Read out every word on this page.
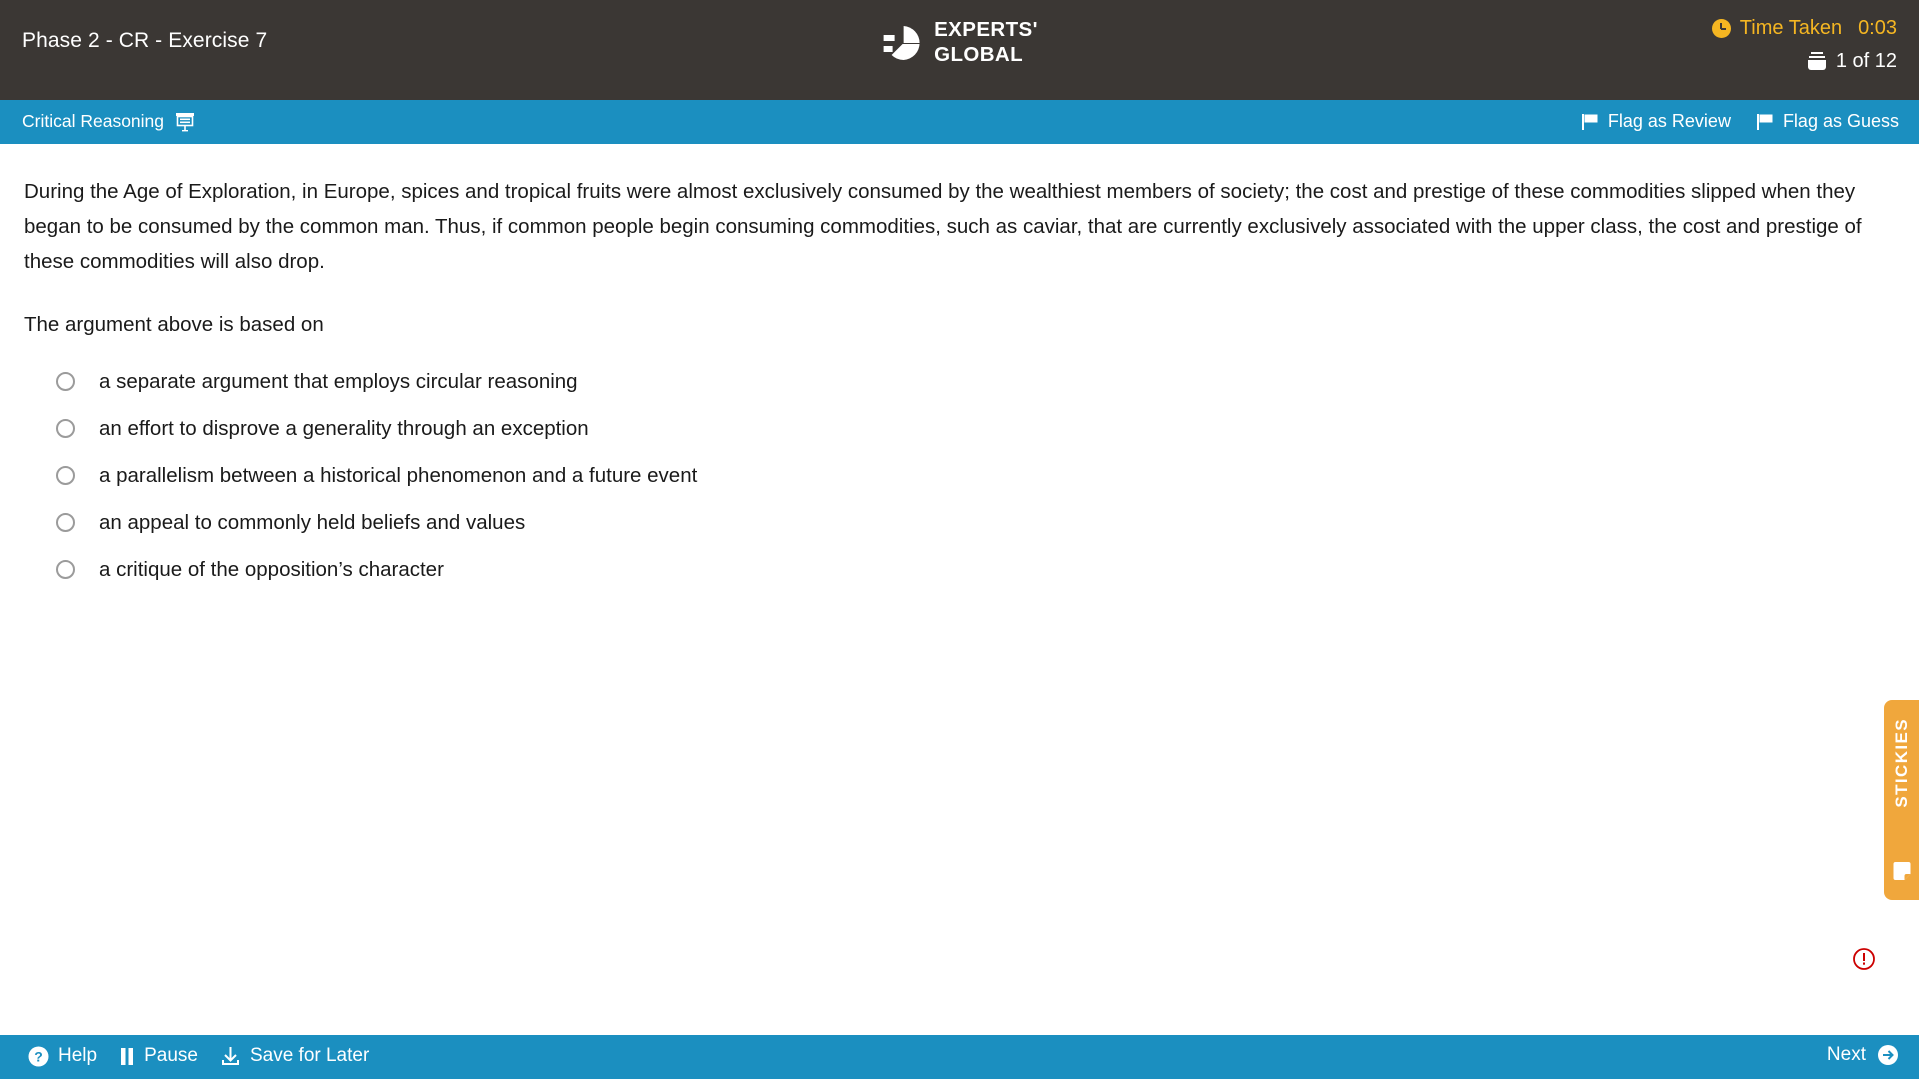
Phase 2 - CR - Exercise 7	EXPERTS'
GLOBAL
Time Taken 0:03
1 of 12
Critical Reasoning	Flag as Review	Flag as Guess
During the Age of Exploration, in Europe, spices and tropical fruits were almost exclusively consumed by the wealthiest members of society; the cost and prestige of these commodities slipped when they began to be consumed by the common man. Thus, if common people begin consuming commodities, such as caviar, that are currently exclusively associated with the upper class, the cost and prestige of these commodities will also drop.
The argument above is based on
a separate argument that employs circular reasoning
an effort to disprove a generality through an exception
a parallelism between a historical phenomenon and a future event
an appeal to commonly held beliefs and values
a critique of the opposition’s character
STICKIES
? Help Pause	Save for Later	Next
